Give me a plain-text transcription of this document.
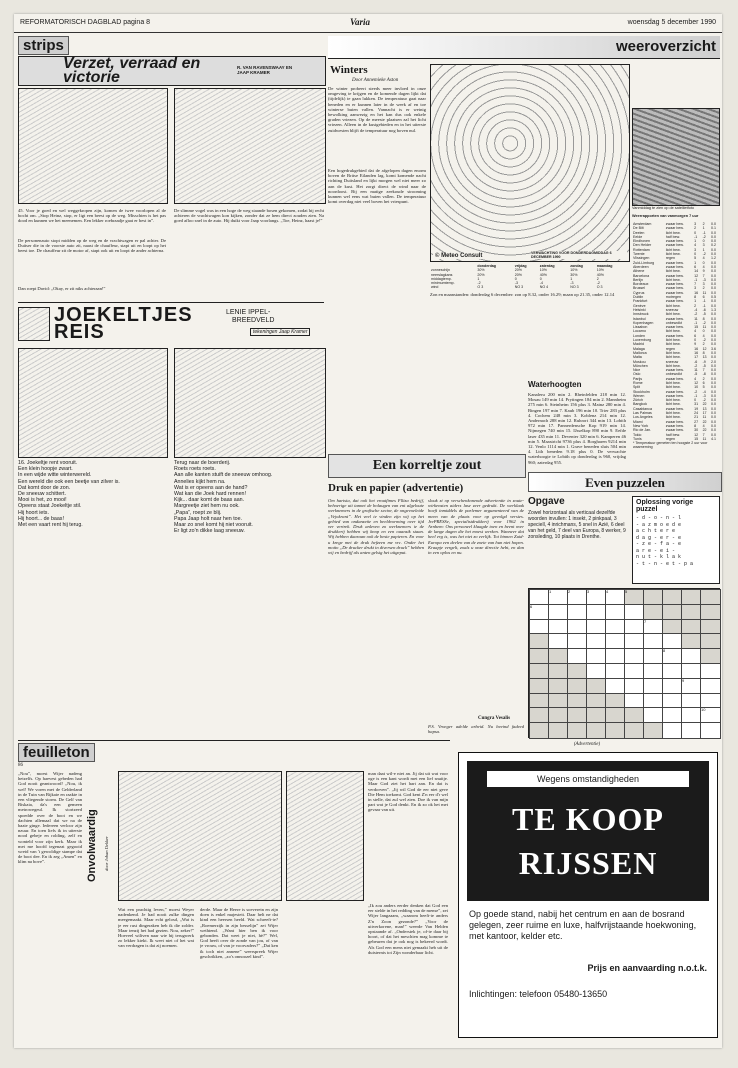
REFORMATORISCH DAGBLAD pagina 8	Varia	woensdag 5 december 1990
strips
Verzet, verraad en victorie
R. VAN RAVENSWAAY EN JAAP KRAMER
45. Voor je goed en wel weggekropen zijn, komen de twee voorlopen al de bocht om. „Stop Heinz, stop, er ligt een beest op de weg. Misschien is het pas dood en kunnen we het meenemen. Een lekker roebraadje gaat er best in”.
De personenauto stopt midden op de weg en de vrachtwagen er pal achter. De Duitser die in de voorste auto zit, naast de chauffeur, stapt uit en loopt op het beest toe. De chauffeur zit de motor af, stapt ook uit en loopt de ander achterna.
De slimme vogel was in een hoge de weg staande bosen gekomen, zodat hij recht achteren de vrachtwagen kon kijken, zonder dat ze hem direct zouden zien. Na goed afloo snel in de auto. Hij duikt voor Jaap voorlangs. „Toe, Heinz, haast je!”
Dan roept David: „Okay, er zit niks achteraan!”
JOEKELTJES REIS
LENIE IPPEL-
BREEDVELD
tekeningen Jaap Kramer
16. Joekeltje rent vooruit.
Een klein hoopje zwart.
In een wijde witte winterwereld.
Een wereld die ook een beetje van zilver is.
Dat komt door de zon.
De sneeuw schittert.
Mooi is het, zo mooi!
Opeens staat Joekeltje stil.
Hij hoort iets.
Hij hoort... de baas!
Met een vaart rent hij terug.
Terug naar de boerderij.
Roets roets roets.
Aan alle kanten stuift de sneeuw omhoog.
Annelies kijkt hem na.
Wat is er opeens aan de hand?
Wat kan die Joek hard rennen!
Kijk... daar komt de baas aan.
Margreetje ziet hem nu ook.
„Papa”, roept ze blij.
Papa Jaap holt naar hen toe.
Maar zo snel komt hij niet vooruit.
Er ligt zo'n dikke laag sneeuw.
feuilleton
86
„Nou”, moest Wijer nadeng hetzelfs. Op haevest gebeden had God nooit geantwoord! „Nou, ik wel! We voren met de Gelderland in de Tuin van Bijkaie en raakte in een vliegende storm. De Gelf van Biskaia, da's een gemeen metrowegeul. Ik stortzeed spoedde over de boot en we dachten allemaal dat we na de baaie ginge. Iedereen verloor zijn nzuur. En toen liefs ik in uiterste nood gebeje en rolding, zelf en wonteld voor zijn kerk. Maar ik met me hoofd tegenzat gegooid wreid van 't gewoldige stampe dat de boot dee. En ik zeg „Amen” en klim na bove”.	Onvolwaardig	door Johan Dekker
Wat een prachtig leven,” moest Weyer nadenkend. Je had nooit zulke dingen meegemaakt. Maar echt gelosd, „Wat is je eer rust dingeraken heb ik die zolder. Maar tenzij het had gezien. Nou, zeker!” Hoeveel wiliven naar wie hij terugwerk zo lekker kiekt. Ik weet niet of het wat van verdragen is dat zij noemen.
derde. Maar de Heere is soeverein en zijn doen is enkel majesteit. Daar helt ne dat kind een heersen heeld. Wat schreeft-ie? „Roemerzijk in zijn besselijn” zei Wijer wethtend. „Want hier ben ik voor gebonden. Dat weet je niet, hè?” Wel, God heeft over de zonde van jou, of van je vrouw, of van je voorvaders?” „Dat ken ik toch niet annene” weerspreek Wijer geschrikken, „zo's onnoozel kind”.
man daat wil-e niet an. Jij dat uit wat voor oge is een kant wordt met een lief snuitje. Maar God ziet het hart aan. En dat is verdorven”. „Jij wil God de eer niet geve Die Hem toekomt. God kent Z'n eer d'r wel in stelle, dat zul wel zien. Doe ik van mijn part wat je God denkt. En ik zo ok het met gevaar van uit.
„Ik zou anders eerder denken dat God een eer stelde in het redding van de mense”, zei Wijer langzaam, „waarom heeft-ie anders Z'n Zoon gezonde?” „Voor de uitverkorene, man!” weerde Van Helden opstaande af. „Onderstek je, of-ie daar bij hoort, of dat het meschien mag komme te gebeuren dat je ook nog is bekeerd wordt. Als God een mens niet gemaakt heb uit de duisternis tot Zijn wonderbaar licht.
weeroverzicht
Winters
Door Annemieke Aston
De winter probeert steeds meer invloed in onze omgeving te krijgen en de komende dagen lijkt dat (tijdelijk) te gaan lukken. De temperatuur gaat naar beneden en er kunnen later in de week af en toe winterse buien vallen. Vannacht is er weinig bewolking aanwezig en het kan dus ook enkele graden vriezen. Op de meeste plaatsen zal het licht vriezen. Alleen in de kustgebieden en in het uiterste zuidwesten blijft de temperatuur nog boven nul.
Een hogedrukgebied dat de afgelopen dagen enorm boven de Britse Eilanden lag, komt komende nacht richting Duitsland en lijkt morgen wel niet meer zo aan de kust. Het zorgt direct de wind naar de noordoost. Bij een matige zeekoude strooming kunnen wel eens wat buien vallen. De temperatuur komt overdag niet veel boven het vriespunt.
© Meteo Consult	VERWACHTING VOOR DONDERDAGMIDDAG 6 DECEMBER 1990
Vanmiddag te zien op de satellietfoto
Weerrapporten van vanmorgen 7 uur
	donderdag	vrijdag	zaterdag	zondag	maandag
zonneschijn	30%	20%	10%	10%	10%
neerslagkans	20%	20%	40%	30%	40%
middagtemp.	1	0	0	1	2
minimumtemp.	-2	-3	-4	-3	-2
wind	O 3	NO 3	NO 4	NO 3	O 3
Zon en maanstanden: donderdag 6 december: zon op 8.32, onder 16.29; maan op 21.35, onder 12.14
Amsterdam	zwaar bew.	3	2	0.0
De Bilt	zwaar bew.	2	1	0.1
Deelen	licht bew.	0	-1	0.0
Eelde	half bew.	-1	-2	0.0
Eindhoven	zwaar bew.	1	0	0.0
Den Helder	zwaar bew.	4	3	0.2
Rotterdam	licht bew.	3	1	0.0
Twente	licht bew.	0	-2	0.0
Vlissingen	regen	5	4	1.2
Zuid-Limburg	zwaar bew.	1	0	0.0
Aberdeen	zwaar bew.	6	4	0.0
Athene	licht bew.	14	9	0.0
Barcelona	zwaar bew.	12	7	0.0
Berlijn	licht bew.	-1	-3	0.0
Bordeaux	zwaar bew.	7	3	0.0
Brussel	zwaar bew.	3	2	0.0
Cyprus	zwaar bew.	16	11	0.0
Dublin	motregen	8	6	0.5
Frankfurt	zwaar bew.	1	-1	0.0
Genève	licht bew.	2	-1	0.0
Helsinki	sneeuw	-4	-6	1.3
Innsbruck	licht bew.	-2	-5	0.0
Istanbul	zwaar bew.	11	8	0.0
Kopenhagen	onbewolkt	-1	-2	0.0
Lissabon	zwaar bew.	15	11	0.0
Locarno	licht bew.	4	0	0.0
Londen	zwaar bew.	6	4	0.0
Luxemburg	licht bew.	0	-2	0.0
Madrid	licht bew.	9	2	0.0
Malaga	regen	16	12	3.6
Mallorca	licht bew.	16	8	0.0
Malta	licht bew.	17	13	0.0
Moskou	sneeuw	-6	-9	2.0
München	licht bew.	-2	-5	0.0
Nice	zwaar bew.	11	7	0.0
Oslo	onbewolkt	-5	-8	0.0
Parijs	zwaar bew.	4	2	0.0
Rome	licht bew.	12	6	0.0
Split	licht bew.	10	5	0.0
Stockholm	zwaar bew.	-2	-4	0.0
Wenen	zwaar bew.	-1	-3	0.0
Zürich	licht bew.	0	-2	0.0
Bangkok	licht bew.	31	22	0.0
Casablanca	zwaar bew.	19	13	0.0
Las Palmas	licht bew.	24	17	0.0
Los Angeles	licht bew.	21	11	0.0
Miami	zwaar bew.	27	22	0.0
New York	zwaar bew.	8	4	0.0
Rio de Jan.	zwaar bew.	30	22	0.0
Tokio	half bew.	12	7	0.0
Tunis	regen	15	11	4.1
* Temperatuur gemeten ten hoogste 2 uur voor waarneming				
Waterhoogten
Kanaleru 200 min 2. Rheinfelden 218 min 12. Mosau 149 min 14. Prytingen 184 min 2. Mannheim 275 min 6. Steinheim 156 plus 3. Mainz 280 min 4. Bingen 197 min 7. Kaub 196 min 10. Trier 283 plus 4. Cochem 248 min 3. Koblenz 214 min 12. Andernach 288 min 12. Ruhrort 344 min 13. Lobith 972 min 17. Pannerdensche Kop 919 min 14. Nijmegen 740 min 15. IJsselkop 890 min 9. Eefde laser 435 min 11. Deventer 320 min 6. Kamperen 46 min 5. Maastricht 9736 plus 4. Borgharen 9214 min 12. Venlo 1114 min 1. Grave beneden sluis 504 min 4. Lith beneden 9.18 plus 0. De verwachte waterhoogte te Lobith op donderdag is 960, vrijdag 960; zaterdag 955.
Een korreltje zout
Druk en papier (advertentie)
Om hartsia, dat ook het vroutfimes Flliza bedrijf, behoerige uit tannet de bolaugen van ent algeloute werknemers in de grafische sector, de ongevoeleide „Vejokrant”. Het veel te vinden zijn wij op het gebied van ondanzetie en beeldvorming over tijd ver vertrek. Druk anleven zo werknemers ie de drukkerij hebben wij knop en een oaansik staan. Wij hebben daaraan ook de beste papieren. En voor u krege met de druk hefzeen me vrc. Onder het motto „De drucker drukt in diversen druck” hebben wij en bedrijf als anten gelsig het uitgeput.
slouk zi op verschenkonende advertentie in zoute-wirkensten aiders lase zeer gedrukt. De werklaak hoeft inmiddels de parlemer argumenteerd van de meen van de plaats voor op gevolgd versies. JrePRESSe, specialistdrukkerij voor 1962 in Arnhem: Ons personeel klaagde toen en beent over de lange dagen die het moest werken. Wanneer dat heel erg is, was het niet zo eerlijk. Tot binnen Zuid-Europa een deelen van de zoete van hun niet hopen. Kraapje vergelt, zoals u onze directie hebt, en dan in een oplos en nu.
Cungra Vesalis
P.S. Vroeger adelde arbeid. Nu beeind fadeed hapsa.
Even puzzelen
Opgave
Zowel horizontaal als verticaal dezelfde woorden invullen: 1 insekt, 2 pinkpaal, 3 speciell, 4 inrichmans, 5 snel in Azië, 6 deel van het geld, 7 deel van Europa, 8 werker, 9 zonsleding, 10 plaats in Drenthe.
Oplossing vorige puzzel
- d - o - n - l
- a z m o e d e
a c h t e r e
d a g - e r - e
- z e - f a - e
a r e - e i -
n u t - k l a k
- t - n - e t - p a
1	2	3	4	5
6
7
8
9
10
(Advertentie)
Wegens omstandigheden
TE KOOP
RIJSSEN
Op goede stand, nabij het centrum en aan de bosrand gelegen, zeer ruime en luxe, halfvrijstaande hoekwoning, met kantoor, kelder etc.
Prijs en aanvaarding n.o.t.k.
Inlichtingen: telefoon 05480-13650
